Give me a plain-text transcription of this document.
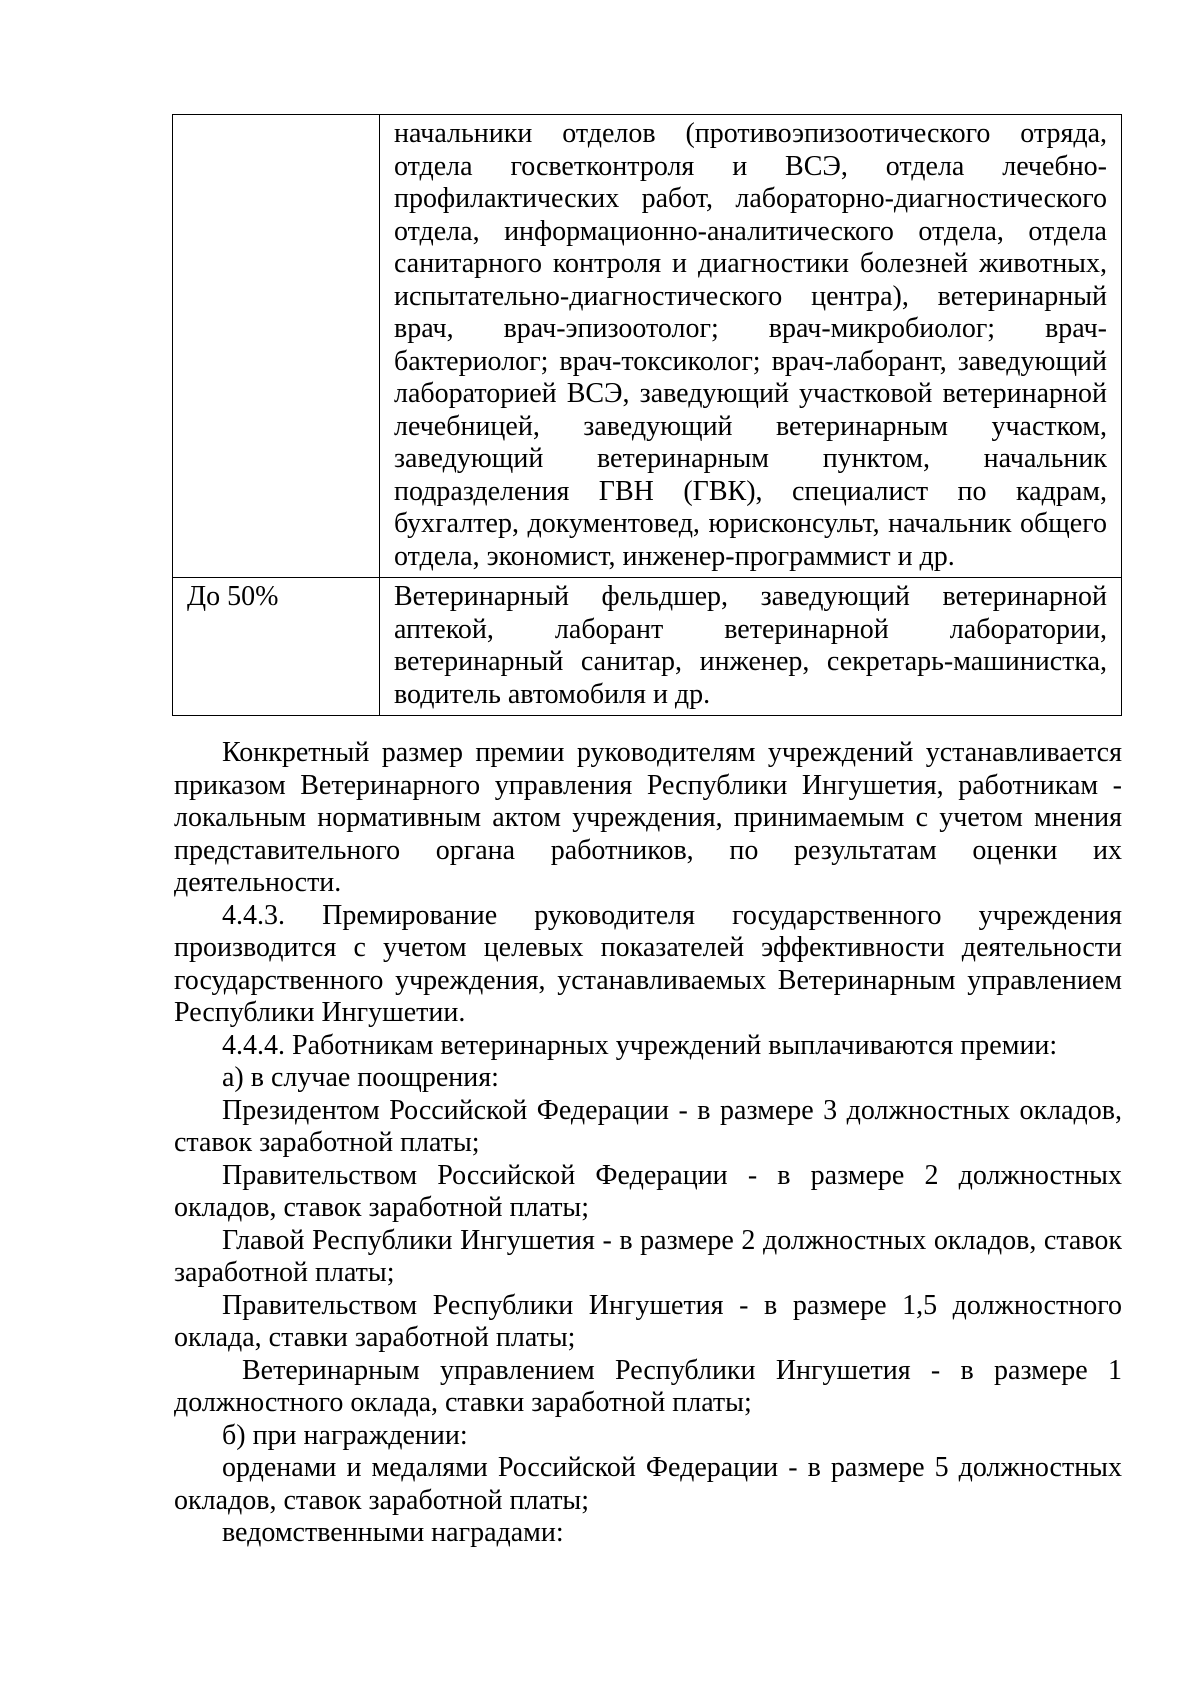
	начальники отделов (противоэпизоотического отряда, отдела госветконтроля и ВСЭ, отдела лечебно-профилактических работ, лабораторно-диагностического отдела, информационно-аналитического отдела, отдела санитарного контроля и диагностики болезней животных, испытательно-диагностического центра), ветеринарный врач, врач-эпизоотолог; врач-микробиолог; врач-бактериолог; врач-токсиколог; врач-лаборант, заведующий лабораторией ВСЭ, заведующий участковой ветеринарной лечебницей, заведующий ветеринарным участком, заведующий ветеринарным пунктом, начальник подразделения ГВН (ГВК), специалист по кадрам, бухгалтер, документовед, юрисконсульт, начальник общего отдела, экономист, инженер-программист и др.
До 50%	Ветеринарный фельдшер, заведующий ветеринарной аптекой, лаборант ветеринарной лаборатории, ветеринарный санитар, инженер, секретарь-машинистка, водитель автомобиля и др.

Конкретный размер премии руководителям учреждений устанавливается приказом Ветеринарного управления Республики Ингушетия, работникам - локальным нормативным актом учреждения, принимаемым с учетом мнения представительного органа работников, по результатам оценки их деятельности.

4.4.3. Премирование руководителя государственного учреждения производится с учетом целевых показателей эффективности деятельности государственного учреждения, устанавливаемых Ветеринарным управлением Республики Ингушетии.

4.4.4. Работникам ветеринарных учреждений выплачиваются премии:

а) в случае поощрения:

Президентом Российской Федерации - в размере 3 должностных окладов, ставок заработной платы;

Правительством Российской Федерации - в размере 2 должностных окладов, ставок заработной платы;

Главой Республики Ингушетия - в размере 2 должностных окладов, ставок заработной платы;

Правительством Республики Ингушетия - в размере 1,5 должностного оклада, ставки заработной платы;

Ветеринарным управлением Республики Ингушетия - в размере 1 должностного оклада, ставки заработной платы;

б) при награждении:

орденами и медалями Российской Федерации - в размере 5 должностных окладов, ставок заработной платы;

ведомственными наградами:
